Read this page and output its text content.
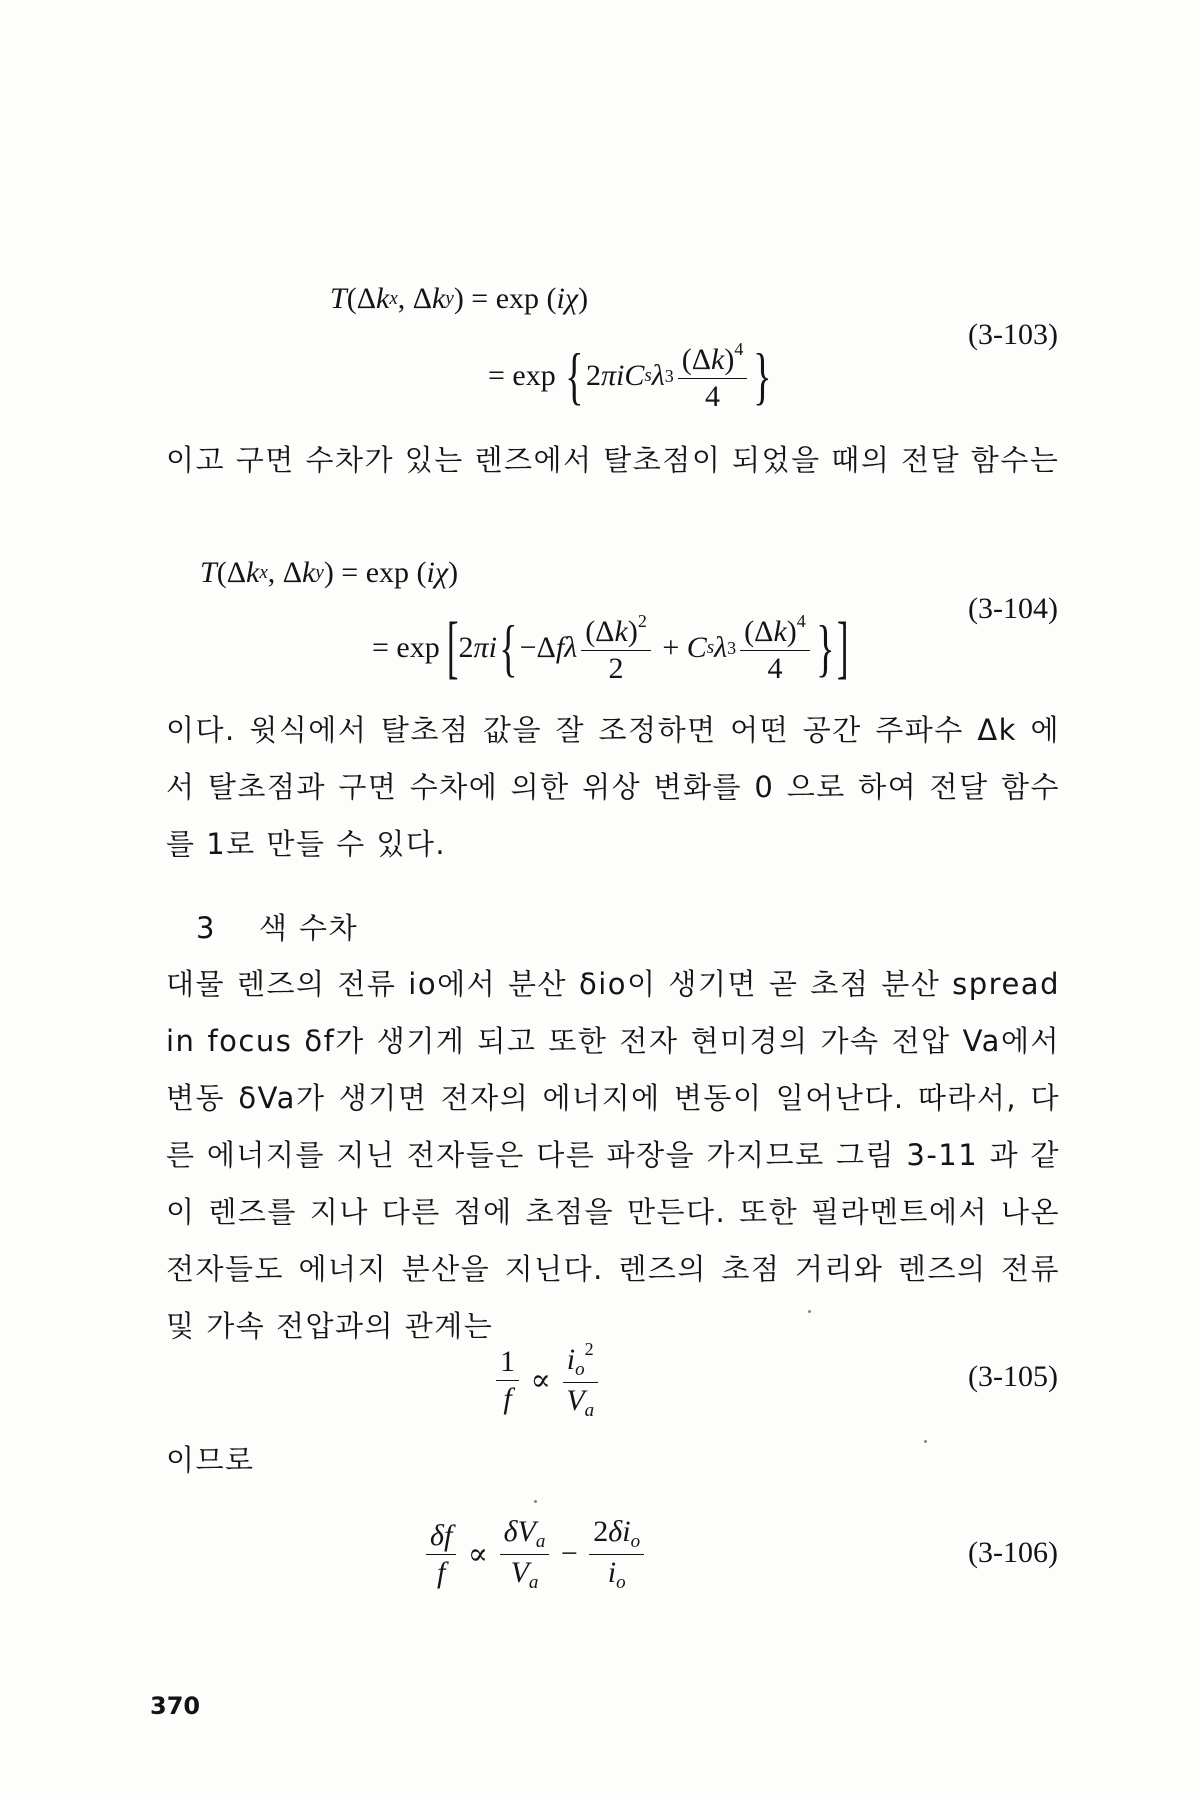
T ( Δ k x , Δ k y ) = exp ( i χ )
= exp
{ 2 πiC s λ $3 \frac{(\Delta k)^4}{4}$ }
(3-103)
이고 구면 수차가 있는 렌즈에서 탈초점이 되었을 때의 전달 함수는
T ( Δ k x , Δ k y ) = exp ( i χ )
= exp
[ 2 πi { −Δ fλ $\frac{(\Delta k)^2}{2}$
+
C s λ $3 \frac{(\Delta k)^4}{4}$ } ]
(3-104)
이다. 윗식에서 탈초점 값을 잘 조정하면 어떤 공간 주파수 Δk 에서 탈초점과 구면 수차에 의한 위상 변화를 0 으로 하여 전달 함수를 1로 만들 수 있다.
3 색 수차
대물 렌즈의 전류 io에서 분산 δio이 생기면 곧 초점 분산 spread in focus δf가 생기게 되고 또한 전자 현미경의 가속 전압 Va에서 변동 δVa가 생기면 전자의 에너지에 변동이 일어난다. 따라서, 다른 에너지를 지닌 전자들은 다른 파장을 가지므로 그림 3-11 과 같이 렌즈를 지나 다른 점에 초점을 만든다. 또한 필라멘트에서 나온 전자들도 에너지 분산을 지닌다. 렌즈의 초점 거리와 렌즈의 전류 및 가속 전압과의 관계는
$\frac{1}{f}$
∝
$\frac{i_o^2}{V_a}$	(3-105)
이므로
$\frac{\delta f}{f}$
∝
$\frac{\delta V_a}{V_a}$
−
$\frac{2\delta i_o}{i_o}$	(3-106)
370
